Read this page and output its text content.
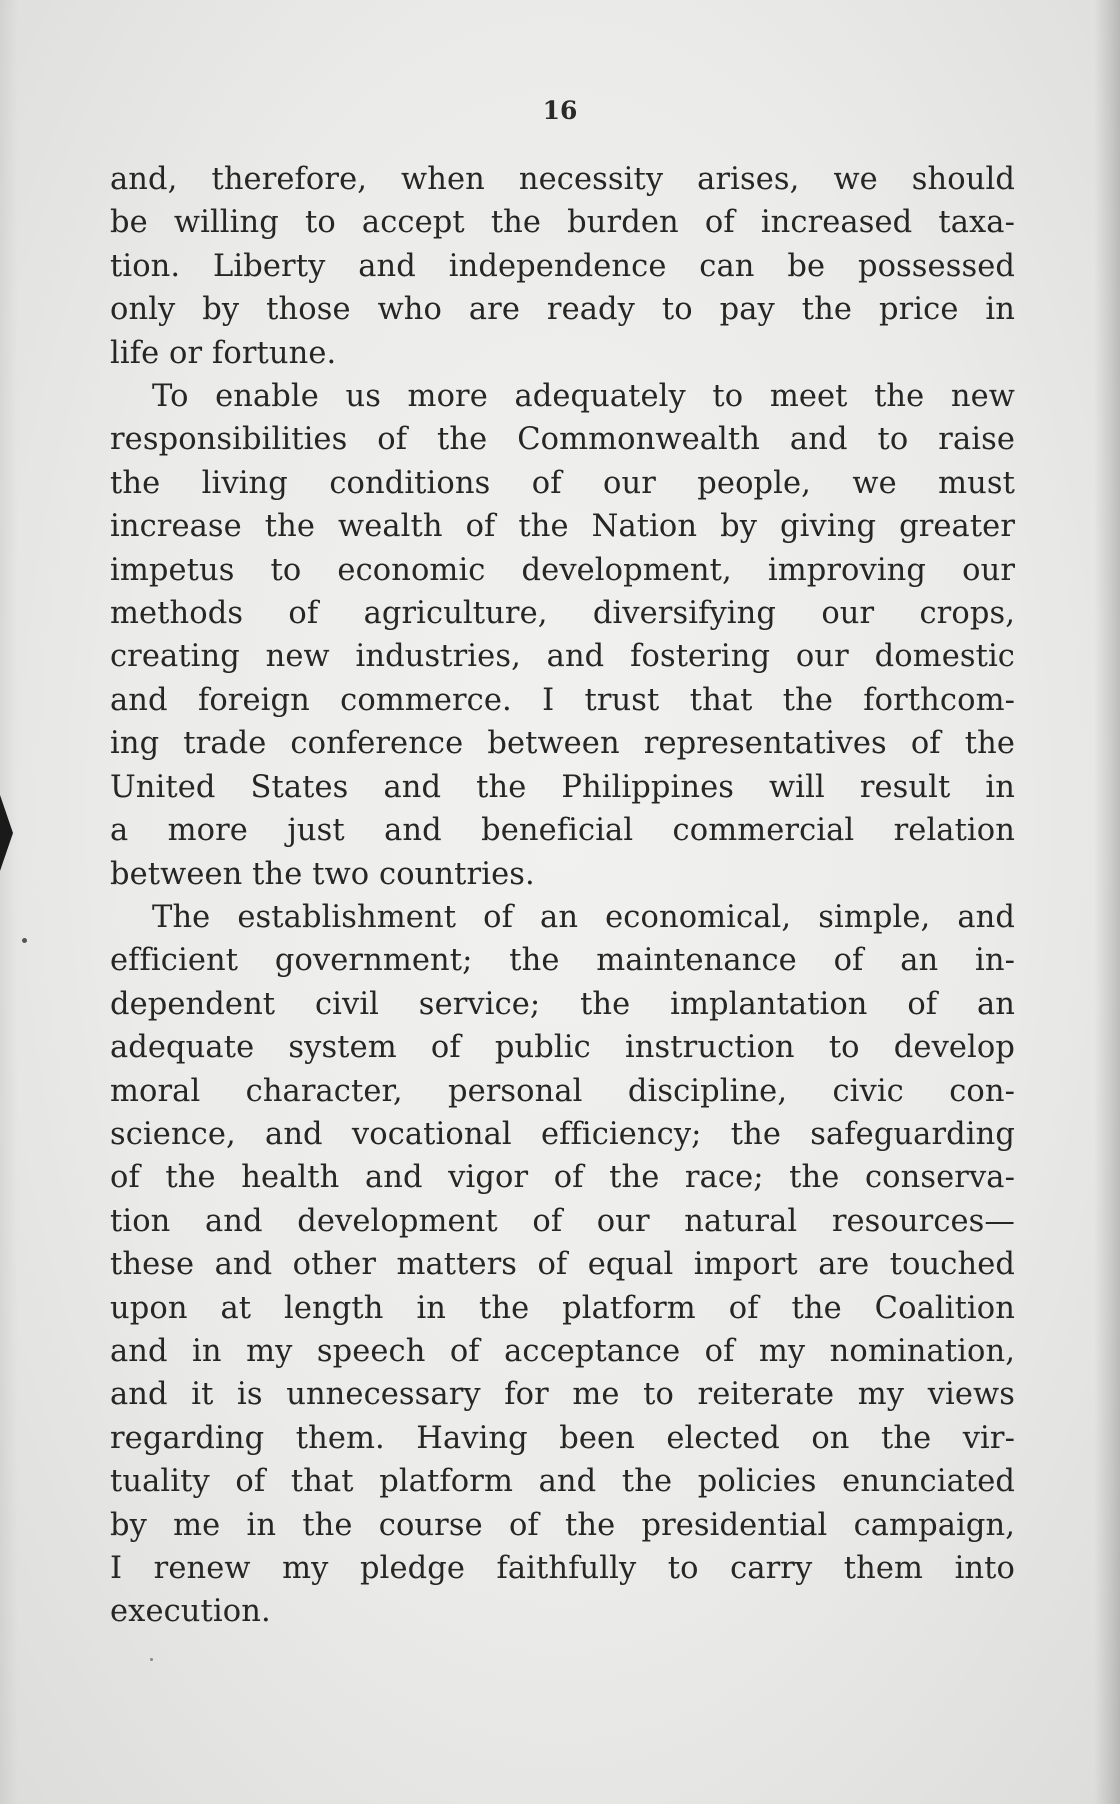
16
and, therefore, when necessity arises, we should
be willing to accept the burden of increased taxa-
tion. Liberty and independence can be possessed
only by those who are ready to pay the price in
life or fortune.
To enable us more adequately to meet the new
responsibilities of the Commonwealth and to raise
the living conditions of our people, we must
increase the wealth of the Nation by giving greater
impetus to economic development, improving our
methods of agriculture, diversifying our crops,
creating new industries, and fostering our domestic
and foreign commerce. I trust that the forthcom-
ing trade conference between representatives of the
United States and the Philippines will result in
a more just and beneficial commercial relation
between the two countries.
The establishment of an economical, simple, and
efficient government; the maintenance of an in-
dependent civil service; the implantation of an
adequate system of public instruction to develop
moral character, personal discipline, civic con-
science, and vocational efficiency; the safeguarding
of the health and vigor of the race; the conserva-
tion and development of our natural resources—
these and other matters of equal import are touched
upon at length in the platform of the Coalition
and in my speech of acceptance of my nomination,
and it is unnecessary for me to reiterate my views
regarding them. Having been elected on the vir-
tuality of that platform and the policies enunciated
by me in the course of the presidential campaign,
I renew my pledge faithfully to carry them into
execution.
